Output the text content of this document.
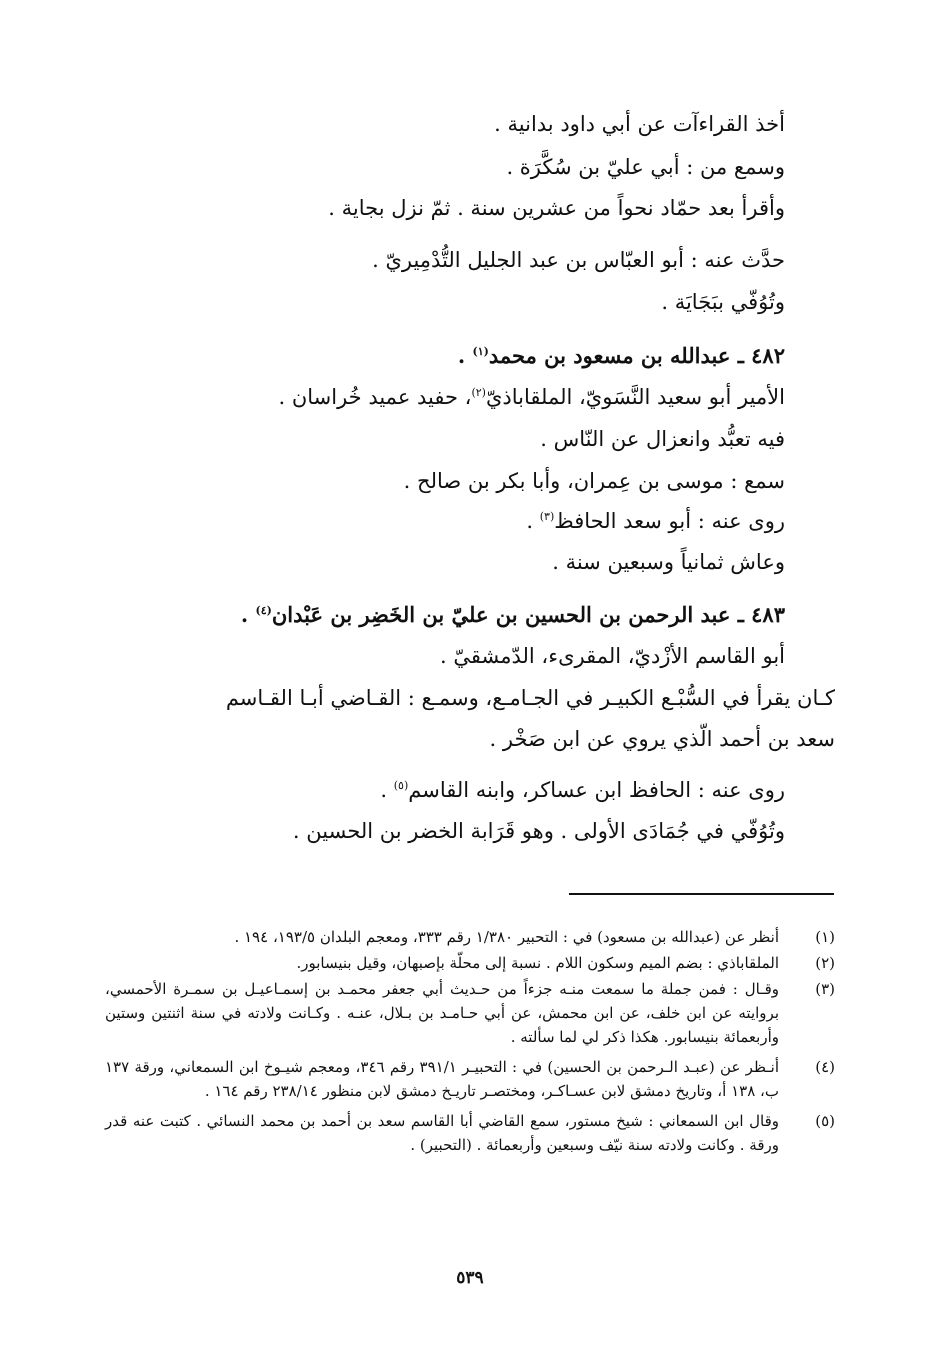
أخذ القراءآت عن أبي داود بدانية .
وسمع من : أبي عليّ بن سُكَّرَة .
وأقرأ بعد حمّاد نحواً من عشرين سنة . ثمّ نزل بجاية .
حدَّث عنه : أبو العبّاس بن عبد الجليل التُّدْمِيريّ .
وتُوُفّي ببَجَايَة .
٤٨٢ ـ عبدالله بن مسعود بن محمد$^{(١)}$ .
الأمير أبو سعيد النَّسَويّ، الملقاباذيّ$^{(٢)}$، حفيد عميد خُراسان .
فيه تعبُّد وانعزال عن النّاس .
سمع : موسى بن عِمران، وأبا بكر بن صالح .
روى عنه : أبو سعد الحافظ$^{(٣)}$ .
وعاش ثمانياً وسبعين سنة .
٤٨٣ ـ عبد الرحمن بن الحسين بن عليّ بن الخَضِر بن عَبْدان$^{(٤)}$ .
أبو القاسم الأزْديّ، المقرىء، الدّمشقيّ .
كـان يقرأ في السُّبْـع الكبيـر في الجـامـع، وسمـع : القـاضي أبـا القـاسم
سعد بن أحمد الّذي يروي عن ابن صَخْر .
روى عنه : الحافظ ابن عساكر، وابنه القاسم$^{(٥)}$ .
وتُوُفّي في جُمَادَى الأولى . وهو قَرَابة الخضر بن الحسين .
(١)
أنظر عن (عبدالله بن مسعود) في : التحبير ١/٣٨٠ رقم ٣٣٣، ومعجم البلدان ١٩٣/٥، ١٩٤ .
(٢)
الملقاباذي : بضم الميم وسكون اللام . نسبة إلى محلّة بإصبهان، وقيل بنيسابور.
(٣)
وقـال : فمن جملة ما سمعت منـه جزءاً من حـديث أبي جعفر محمـد بن إسمـاعيـل بن سمـرة الأحمسي، بروايته عن ابن خلف، عن ابن محمش، عن أبي حـامـد بن بـلال، عنـه . وكـانت ولادته في سنة اثنتين وستين وأربعمائة بنيسابور. هكذا ذكر لي لما سألته .
(٤)
أنـظر عن (عبـد الـرحمن بن الحسين) في : التحبيـر ٣٩١/١ رقم ٣٤٦، ومعجم شيـوخ ابن السمعاني، ورقة ١٣٧ ب، ١٣٨ أ، وتاريخ دمشق لابن عسـاكـر، ومختصـر تاريـخ دمشق لابن منظور ٢٣٨/١٤ رقم ١٦٤ .
(٥)
وقال ابن السمعاني : شيخ مستور، سمع القاضي أبا القاسم سعد بن أحمد بن محمد النسائي . كتبت عنه قدر ورقة . وكانت ولادته سنة نيّف وسبعين وأربعمائة . (التحبير) .
٥٣٩
